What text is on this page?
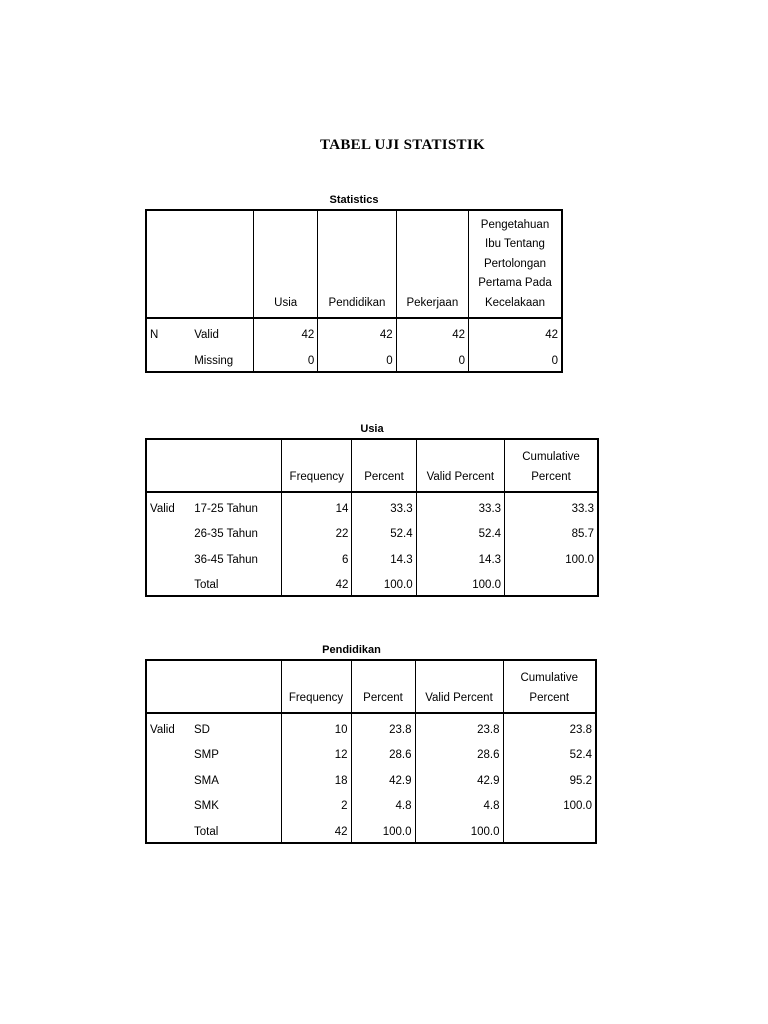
TABEL UJI STATISTIK
Statistics
		Usia	Pendidikan	Pekerjaan	Pengetahuan Ibu Tentang Pertolongan Pertama Pada Kecelakaan
N	Valid	42	42	42	42
	Missing	0	0	0	0
Usia
		Frequency	Percent	Valid Percent	Cumulative Percent
Valid	17-25 Tahun	14	33.3	33.3	33.3
	26-35 Tahun	22	52.4	52.4	85.7
	36-45 Tahun	6	14.3	14.3	100.0
	Total	42	100.0	100.0	
Pendidikan
		Frequency	Percent	Valid Percent	Cumulative Percent
Valid	SD	10	23.8	23.8	23.8
	SMP	12	28.6	28.6	52.4
	SMA	18	42.9	42.9	95.2
	SMK	2	4.8	4.8	100.0
	Total	42	100.0	100.0	
